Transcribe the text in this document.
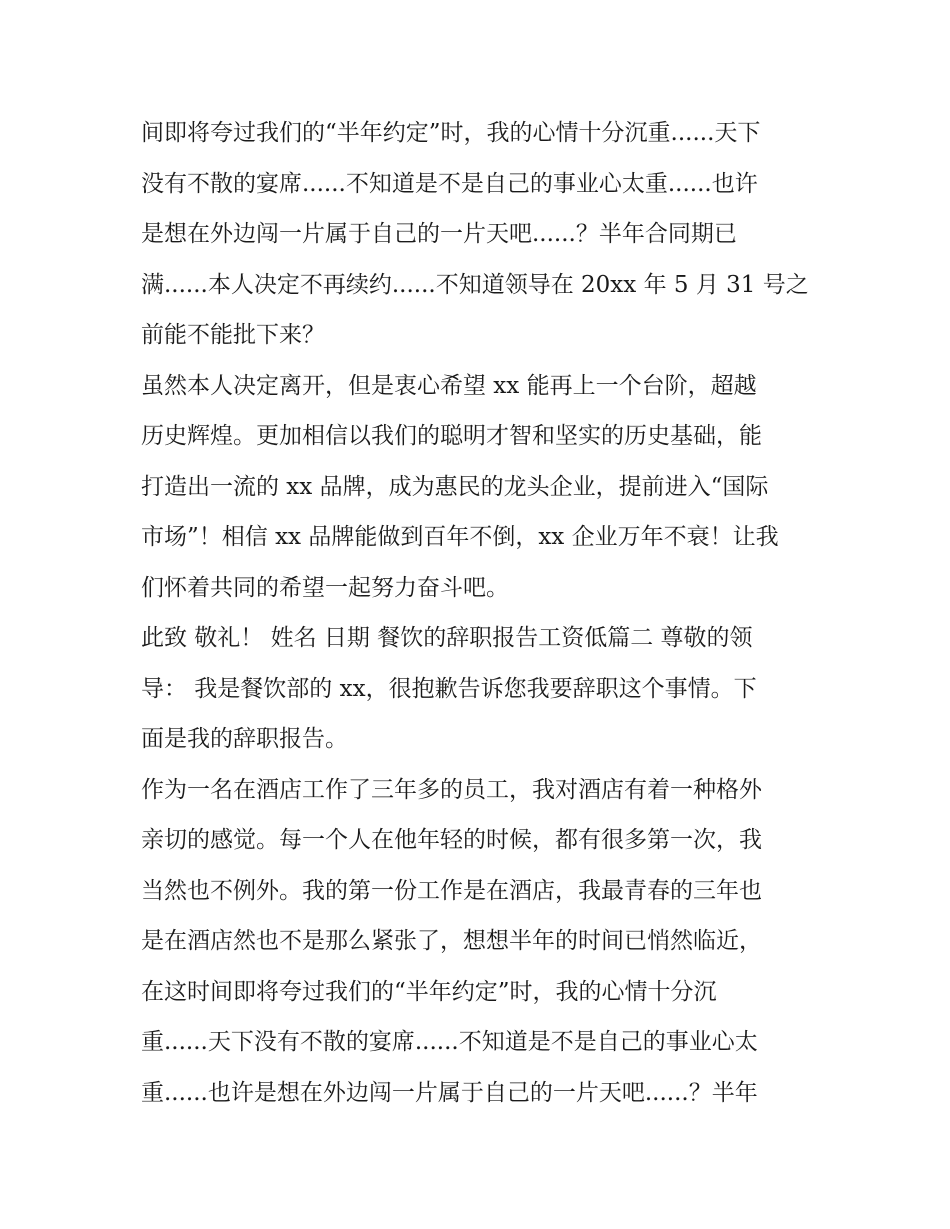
间即将夸过我们的“半年约定”时，我的心情十分沉重......天下
没有不散的宴席......不知道是不是自己的事业心太重......也许
是想在外边闯一片属于自己的一片天吧......？半年合同期已
满......本人决定不再续约......不知道领导在 20xx 年 5 月 31 号之
前能不能批下来？
虽然本人决定离开，但是衷心希望 xx 能再上一个台阶，超越
历史辉煌。更加相信以我们的聪明才智和坚实的历史基础，能
打造出一流的 xx 品牌，成为惠民的龙头企业，提前进入“国际
市场”！相信 xx 品牌能做到百年不倒，xx 企业万年不衰！让我
们怀着共同的希望一起努力奋斗吧。
此致 敬礼！ 姓名 日期 餐饮的辞职报告工资低篇二 尊敬的领
导： 我是餐饮部的 xx，很抱歉告诉您我要辞职这个事情。下
面是我的辞职报告。
作为一名在酒店工作了三年多的员工，我对酒店有着一种格外
亲切的感觉。每一个人在他年轻的时候，都有很多第一次，我
当然也不例外。我的第一份工作是在酒店，我最青春的三年也
是在酒店然也不是那么紧张了，想想半年的时间已悄然临近，
在这时间即将夸过我们的“半年约定”时，我的心情十分沉
重......天下没有不散的宴席......不知道是不是自己的事业心太
重......也许是想在外边闯一片属于自己的一片天吧......？半年
